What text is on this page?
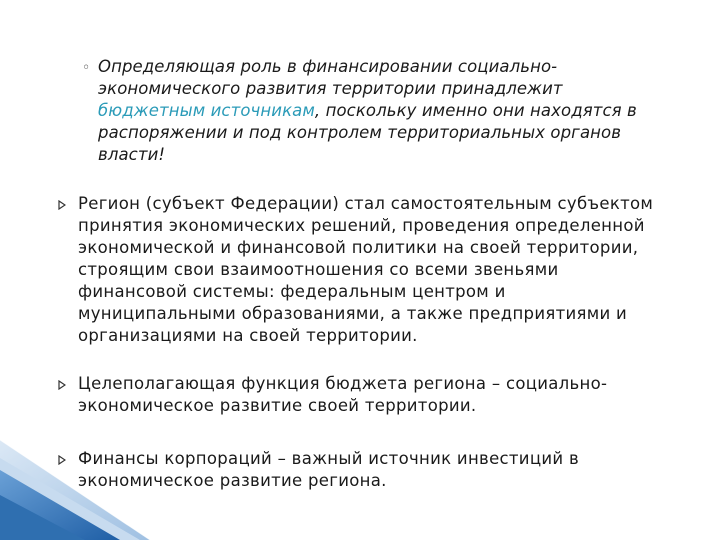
◦ Определяющая роль в финансировании социально-экономического развития территории принадлежит бюджетным источникам, поскольку именно они находятся в распоряжении и под контролем территориальных органов власти!
Регион (субъект Федерации) стал самостоятельным субъектом принятия экономических решений, проведения определенной экономической и финансовой политики на своей территории, строящим свои взаимоотношения со всеми звеньями финансовой системы: федеральным центром и муниципальными образованиями, а также предприятиями и организациями на своей территории.
Целеполагающая функция бюджета региона – социально-экономическое развитие своей территории.
Финансы корпораций – важный источник инвестиций в экономическое развитие региона.
